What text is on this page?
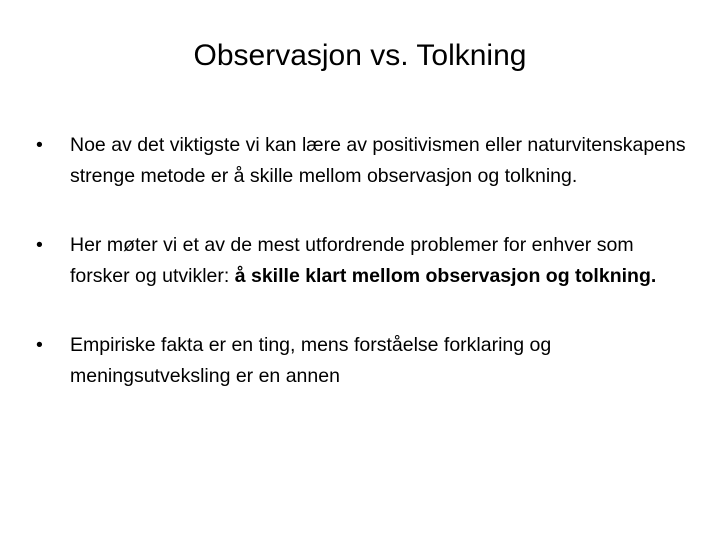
Observasjon vs. Tolkning
•	Noe av det viktigste vi kan lære av positivismen eller naturvitenskapens strenge metode er å skille mellom observasjon og tolkning.
•	Her møter vi et av de mest utfordrende problemer for enhver som forsker og utvikler: å skille klart mellom observasjon og tolkning.
•	Empiriske fakta er en ting, mens forståelse forklaring og meningsutveksling er en annen
